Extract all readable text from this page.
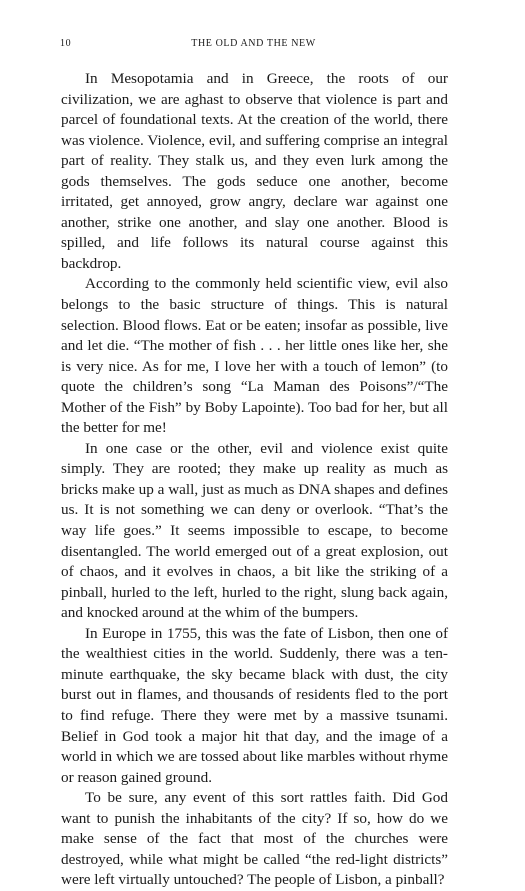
10	THE OLD AND THE NEW

In Mesopotamia and in Greece, the roots of our civilization, we are aghast to observe that violence is part and parcel of foundational texts. At the creation of the world, there was violence. Violence, evil, and suffering comprise an integral part of reality. They stalk us, and they even lurk among the gods themselves. The gods seduce one another, become irritated, get annoyed, grow angry, declare war against one another, strike one another, and slay one another. Blood is spilled, and life follows its natural course against this backdrop.

According to the commonly held scientific view, evil also belongs to the basic structure of things. This is natural selection. Blood flows. Eat or be eaten; insofar as possible, live and let die. “The mother of fish . . . her little ones like her, she is very nice. As for me, I love her with a touch of lemon” (to quote the children’s song “La Maman des Poisons”/“The Mother of the Fish” by Boby Lapointe). Too bad for her, but all the better for me!

In one case or the other, evil and violence exist quite simply. They are rooted; they make up reality as much as bricks make up a wall, just as much as DNA shapes and defines us. It is not something we can deny or overlook. “That’s the way life goes.” It seems impossible to escape, to become disentangled. The world emerged out of a great explosion, out of chaos, and it evolves in chaos, a bit like the striking of a pinball, hurled to the left, hurled to the right, slung back again, and knocked around at the whim of the bumpers.

In Europe in 1755, this was the fate of Lisbon, then one of the wealthiest cities in the world. Suddenly, there was a ten-minute earthquake, the sky became black with dust, the city burst out in flames, and thousands of residents fled to the port to find refuge. There they were met by a massive tsunami. Belief in God took a major hit that day, and the image of a world in which we are tossed about like marbles without rhyme or reason gained ground.

To be sure, any event of this sort rattles faith. Did God want to punish the inhabitants of the city? If so, how do we make sense of the fact that most of the churches were destroyed, while what might be called “the red-light districts” were left virtually untouched? The people of Lisbon, a pinball?
